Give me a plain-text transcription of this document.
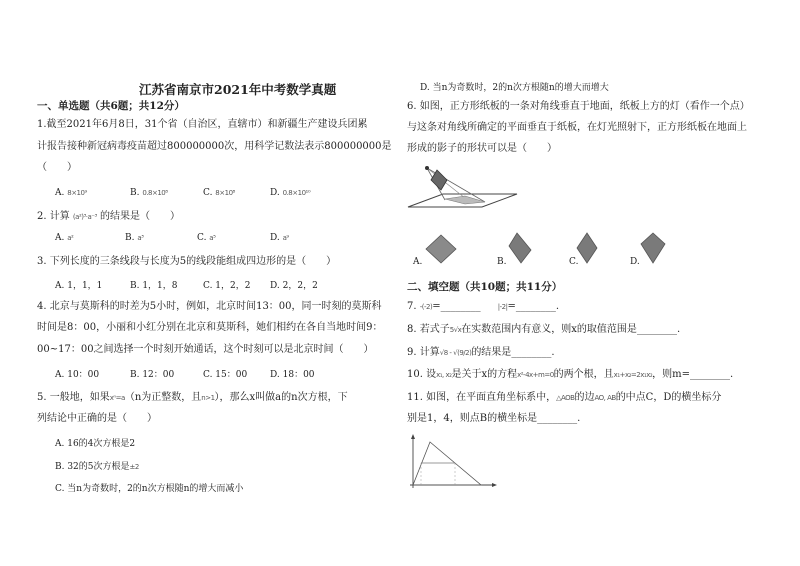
江苏省南京市2021年中考数学真题
一、单选题（共6题；共12分）
1.截至2021年6月8日，31个省（自治区，直辖市）和新疆生产建设兵团累
计报告接种新冠病毒疫苗超过800000000次，用科学记数法表示800000000是
（　　）
A. 8×10⁹	B. 0.8×10⁸	C. 8×10⁸	D. 0.8×10¹⁰
2. 计算 (a²)³·a⁻³ 的结果是（　　）
A. a²	B. a³	C. a⁵	D. a⁹
3. 下列长度的三条线段与长度为5的线段能组成四边形的是（　　）
A. 1，1，1	B. 1，1，8	C. 1，2，2 D. 2，2，2
4. 北京与莫斯科的时差为5小时，例如，北京时间13：00，同一时刻的莫斯科
时间是8：00，小丽和小红分别在北京和莫斯科，她们相约在各自当地时间9：
00~17：00之间选择一个时刻开始通话，这个时刻可以是北京时间（　　）
A. 10：00	B. 12：00	C. 15：00	D. 18：00
5. 一般地，如果xⁿ=a（n为正整数，且n>1），那么x叫做a的n次方根，下
列结论中正确的是（　　）
A. 16的4次方根是2
B. 32的5次方根是±2
C. 当n为奇数时，2的n次方根随n的增大而减小
D. 当n为奇数时，2的n次方根随n的增大而增大
6. 如图，正方形纸板的一条对角线垂直于地面，纸板上方的灯（看作一个点）
与这条对角线所确定的平面垂直于纸板，在灯光照射下，正方形纸板在地面上
形成的影子的形状可以是（　　）
A.	B.	C.	D.
二、填空题（共10题；共11分）
7. -(-2)=________ |-2|=________.
8. 若式子5√x在实数范围内有意义，则x的取值范围是________.
9. 计算√8 - √(9/2)的结果是________.
10. 设x₁, x₂是关于x的方程x²-4x+m=0的两个根，且x₁+x₂=2x₁x₂，则m=________.
11. 如图，在平面直角坐标系中，△AOB的边AO, AB的中点C，D的横坐标分
别是1，4，则点B的横坐标是________.
